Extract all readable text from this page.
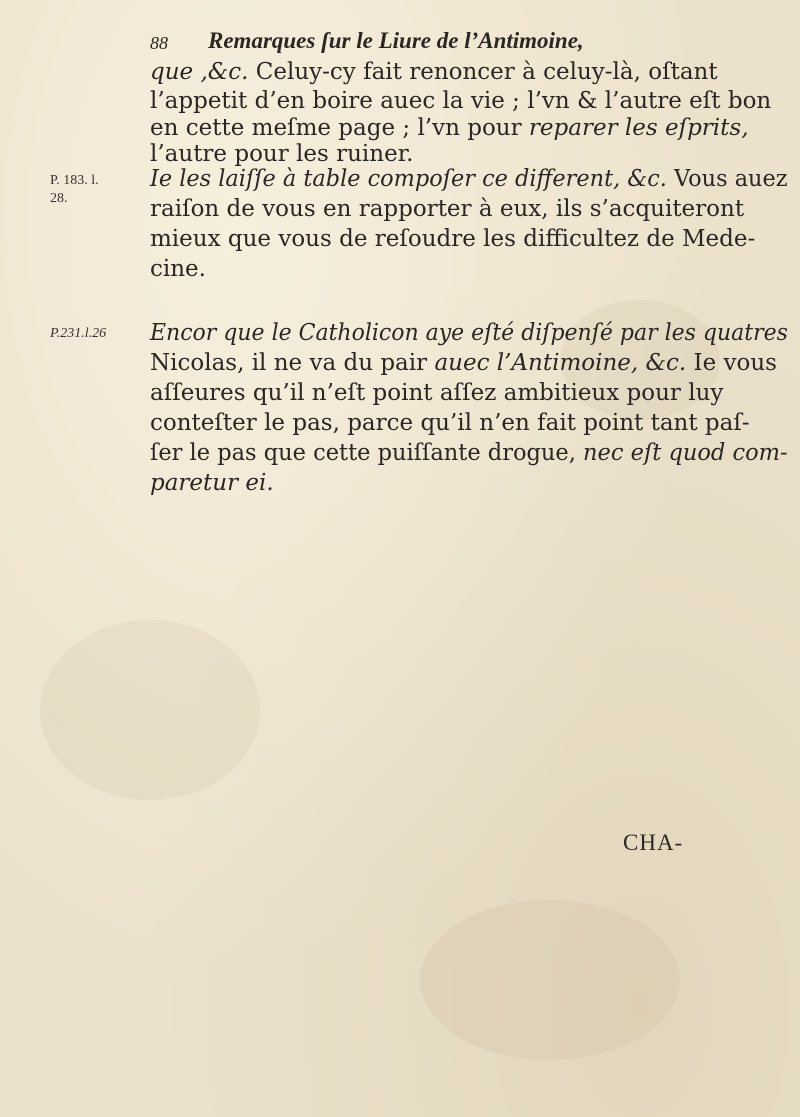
88 Remarques ſur le Liure de l’Antimoine,
P. 183. l.
28.
P.231.l.26
que ,&c. Celuy-cy fait renoncer à celuy-là, oſtant
l’appetit d’en boire auec la vie ; l’vn & l’autre eſt bon
en cette meſme page ; l’vn pour reparer les eſprits,
l’autre pour les ruiner.
Ie les laiſſe à table compoſer ce different, &c. Vous auez
raiſon de vous en rapporter à eux, ils s’acquiteront
mieux que vous de reſoudre les difficultez de Mede-
cine.
Encor que le Catholicon aye eſté diſpenſé par les quatres
Nicolas, il ne va du pair auec l’Antimoine, &c. Ie vous
aſſeures qu’il n’eſt point aſſez ambitieux pour luy
conteſter le pas, parce qu’il n’en fait point tant paſ-
ſer le pas que cette puiſſante drogue, nec eſt quod com-
paretur ei.
CHA-
